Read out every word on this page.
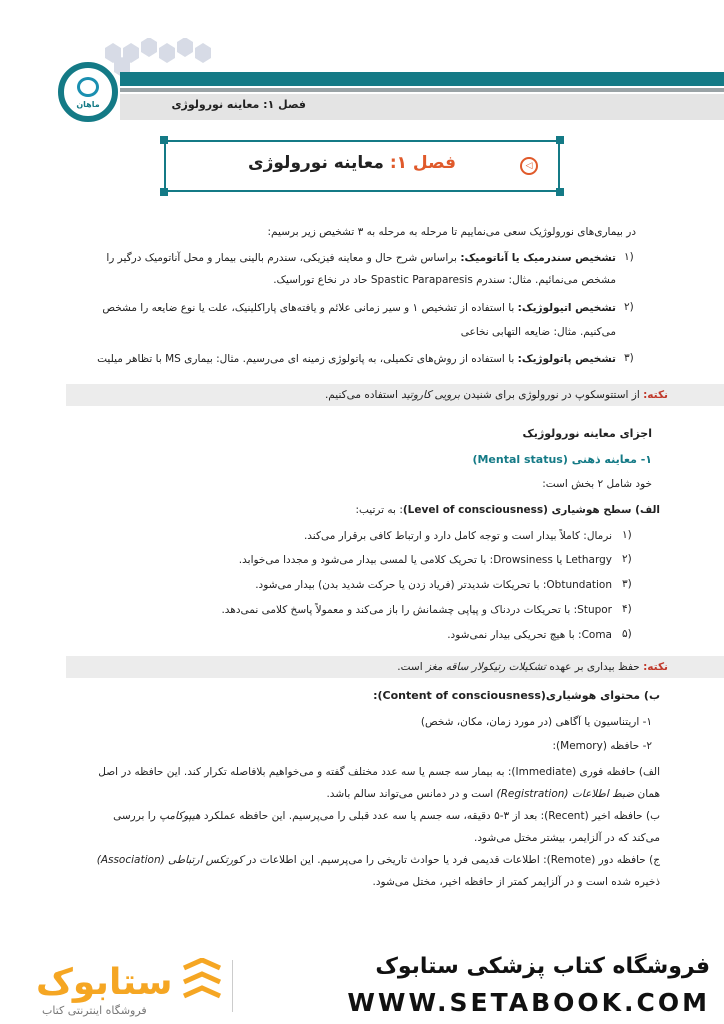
فصل ۱: معاینه نورولوژی
ماهان
فصل ۱: معاینه نورولوژی	◁
در بیماری‌های نورولوژیک سعی می‌نماییم تا مرحله به مرحله به ۳ تشخیص زیر برسیم:
۱)
تشخیص سندرمیک یا آناتومیک: براساس شرح حال و معاینه فیزیکی، سندرم بالینی بیمار و محل آناتومیک درگیر را
مشخص می‌نمائیم. مثال: سندرم Spastic Paraparesis حاد در نخاع توراسیک.
۲)
تشخیص اتیولوژیک: با استفاده از تشخیص ۱ و سیر زمانی علائم و یافته‌های پاراکلینیک، علت یا نوع ضایعه را مشخص
می‌کنیم. مثال: ضایعه التهابی نخاعی
۳)
تشخیص پاتولوژیک: با استفاده از روش‌های تکمیلی، به پاتولوژی زمینه ای می‌رسیم. مثال: بیماری MS با تظاهر میلیت
نکته: از استتوسکوپ در نورولوژی برای شنیدن برویی کاروتید استفاده می‌کنیم.
اجزای معاینه نورولوژیک
۱- معاینه ذهنی (Mental status)
خود شامل ۲ بخش است:
الف) سطح هوشیاری (Level of consciousness): به ترتیب:
۱)
نرمال: کاملاً بیدار است و توجه کامل دارد و ارتباط کافی برقرار می‌کند.
۲)
Lethargy یا Drowsiness: با تحریک کلامی یا لمسی بیدار می‌شود و مجددا می‌خوابد.
۳)
Obtundation: با تحریکات شدیدتر (فریاد زدن یا حرکت شدید بدن) بیدار می‌شود.
۴)
Stupor: با تحریکات دردناک و پیاپی چشمانش را باز می‌کند و معمولاً پاسخ کلامی نمی‌دهد.
۵)
Coma: با هیچ تحریکی بیدار نمی‌شود.
نکته: حفظ بیداری بر عهده تشکیلات رتیکولار ساقه مغز است.
ب) محتوای هوشیاری(Content of consciousness):
۱- اریتناسیون یا آگاهی (در مورد زمان، مکان، شخص)
۲- حافظه (Memory):
الف) حافظه فوری (Immediate): به بیمار سه جسم یا سه عدد مختلف گفته و می‌خواهیم بلافاصله تکرار کند. این حافظه در اصل
همان ضبط اطلاعات (Registration) است و در دمانس می‌تواند سالم باشد.
ب) حافظه اخیر (Recent): بعد از ۳-۵ دقیقه، سه جسم یا سه عدد قبلی را می‌پرسیم. این حافظه عملکرد هیپوکامپ را بررسی
می‌کند که در آلزایمر، بیشتر مختل می‌شود.
ج) حافظه دور (Remote): اطلاعات قدیمی فرد یا حوادث تاریخی را می‌پرسیم. این اطلاعات در کورتکس ارتباطی (Association)
ذخیره شده است و در آلزایمر کمتر از حافظه اخیر، مختل می‌شود.
فروشگاه کتاب پزشکی ستابوک
WWW.SETABOOK.COM
ستابوک
فروشگاه اینترنتی کتاب
